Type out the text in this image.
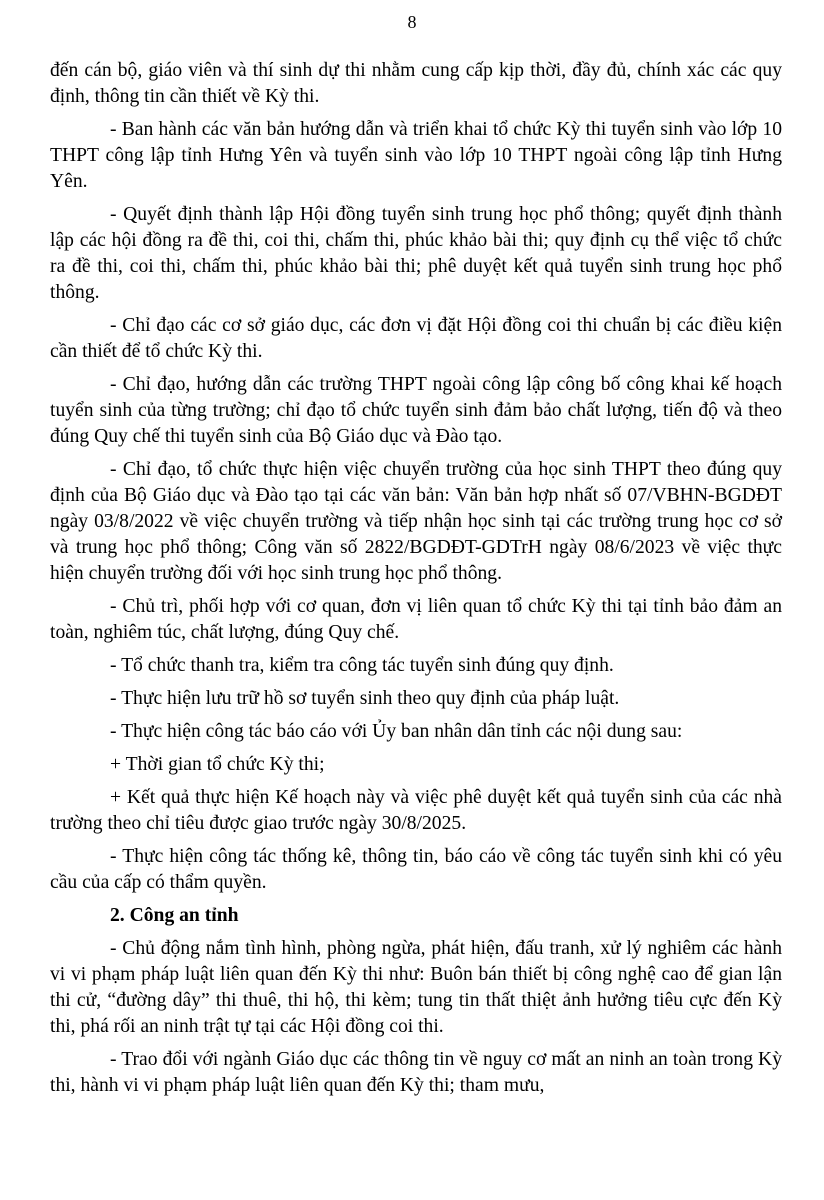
8

đến cán bộ, giáo viên và thí sinh dự thi nhằm cung cấp kịp thời, đầy đủ, chính xác các quy định, thông tin cần thiết về Kỳ thi.

- Ban hành các văn bản hướng dẫn và triển khai tổ chức Kỳ thi tuyển sinh vào lớp 10 THPT công lập tỉnh Hưng Yên và tuyển sinh vào lớp 10 THPT ngoài công lập tỉnh Hưng Yên.

- Quyết định thành lập Hội đồng tuyển sinh trung học phổ thông; quyết định thành lập các hội đồng ra đề thi, coi thi, chấm thi, phúc khảo bài thi; quy định cụ thể việc tổ chức ra đề thi, coi thi, chấm thi, phúc khảo bài thi; phê duyệt kết quả tuyển sinh trung học phổ thông.

- Chỉ đạo các cơ sở giáo dục, các đơn vị đặt Hội đồng coi thi chuẩn bị các điều kiện cần thiết để tổ chức Kỳ thi.

- Chỉ đạo, hướng dẫn các trường THPT ngoài công lập công bố công khai kế hoạch tuyển sinh của từng trường; chỉ đạo tổ chức tuyển sinh đảm bảo chất lượng, tiến độ và theo đúng Quy chế thi tuyển sinh của Bộ Giáo dục và Đào tạo.

- Chỉ đạo, tổ chức thực hiện việc chuyển trường của học sinh THPT theo đúng quy định của Bộ Giáo dục và Đào tạo tại các văn bản: Văn bản hợp nhất số 07/VBHN-BGDĐT ngày 03/8/2022 về việc chuyển trường và tiếp nhận học sinh tại các trường trung học cơ sở và trung học phổ thông; Công văn số 2822/BGDĐT-GDTrH ngày 08/6/2023 về việc thực hiện chuyển trường đối với học sinh trung học phổ thông.

- Chủ trì, phối hợp với cơ quan, đơn vị liên quan tổ chức Kỳ thi tại tỉnh bảo đảm an toàn, nghiêm túc, chất lượng, đúng Quy chế.

- Tổ chức thanh tra, kiểm tra công tác tuyển sinh đúng quy định.

- Thực hiện lưu trữ hồ sơ tuyển sinh theo quy định của pháp luật.

- Thực hiện công tác báo cáo với Ủy ban nhân dân tỉnh các nội dung sau:

+ Thời gian tổ chức Kỳ thi;

+ Kết quả thực hiện Kế hoạch này và việc phê duyệt kết quả tuyển sinh của các nhà trường theo chỉ tiêu được giao trước ngày 30/8/2025.

- Thực hiện công tác thống kê, thông tin, báo cáo về công tác tuyển sinh khi có yêu cầu của cấp có thẩm quyền.

2. Công an tỉnh

- Chủ động nắm tình hình, phòng ngừa, phát hiện, đấu tranh, xử lý nghiêm các hành vi vi phạm pháp luật liên quan đến Kỳ thi như: Buôn bán thiết bị công nghệ cao để gian lận thi cử, “đường dây” thi thuê, thi hộ, thi kèm; tung tin thất thiệt ảnh hưởng tiêu cực đến Kỳ thi, phá rối an ninh trật tự tại các Hội đồng coi thi.

- Trao đổi với ngành Giáo dục các thông tin về nguy cơ mất an ninh an toàn trong Kỳ thi, hành vi vi phạm pháp luật liên quan đến Kỳ thi; tham mưu,
